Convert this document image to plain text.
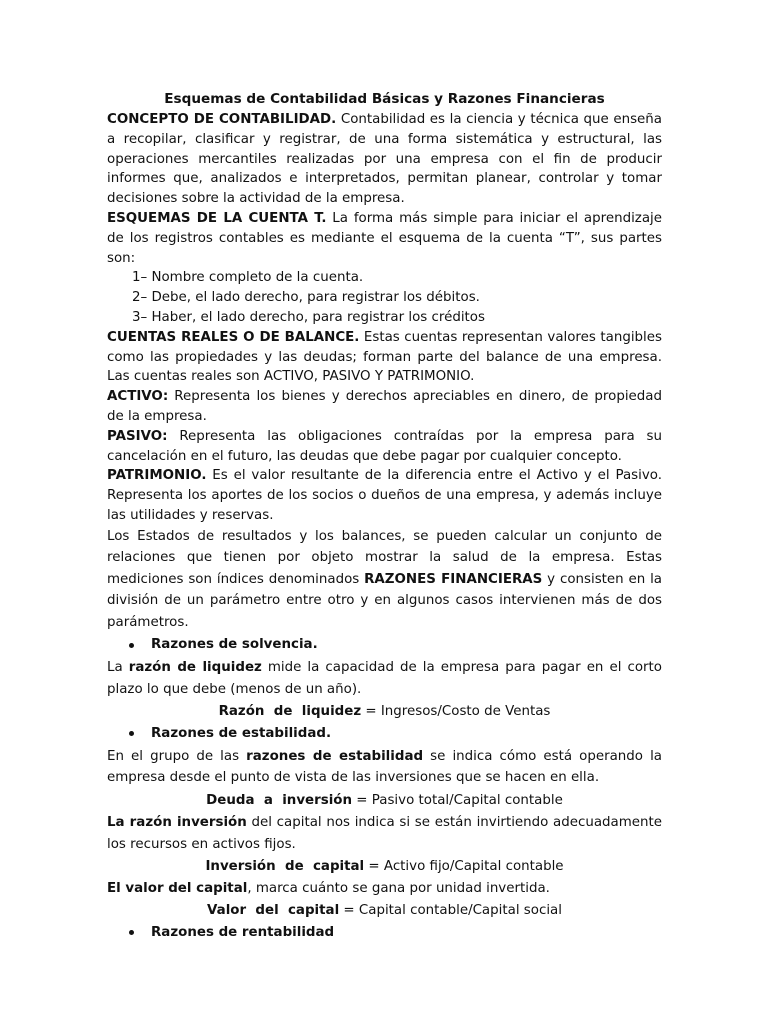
Esquemas de Contabilidad Básicas y Razones Financieras

CONCEPTO DE CONTABILIDAD. Contabilidad es la ciencia y técnica que enseña a recopilar, clasificar y registrar, de una forma sistemática y estructural, las operaciones mercantiles realizadas por una empresa con el fin de producir informes que, analizados e interpretados, permitan planear, controlar y tomar decisiones sobre la actividad de la empresa.

ESQUEMAS DE LA CUENTA T. La forma más simple para iniciar el aprendizaje de los registros contables es mediante el esquema de la cuenta “T”, sus partes son:

1– Nombre completo de la cuenta.
2– Debe, el lado derecho, para registrar los débitos.
3– Haber, el lado derecho, para registrar los créditos

CUENTAS REALES O DE BALANCE. Estas cuentas representan valores tangibles como las propiedades y las deudas; forman parte del balance de una empresa. Las cuentas reales son ACTIVO, PASIVO Y PATRIMONIO.

ACTIVO: Representa los bienes y derechos apreciables en dinero, de propiedad de la empresa.

PASIVO: Representa las obligaciones contraídas por la empresa para su cancelación en el futuro, las deudas que debe pagar por cualquier concepto.

PATRIMONIO. Es el valor resultante de la diferencia entre el Activo y el Pasivo. Representa los aportes de los socios o dueños de una empresa, y además incluye las utilidades y reservas.

Los Estados de resultados y los balances, se pueden calcular un conjunto de relaciones que tienen por objeto mostrar la salud de la empresa. Estas mediciones son índices denominados RAZONES FINANCIERAS y consisten en la división de un parámetro entre otro y en algunos casos intervienen más de dos parámetros.

Razones de solvencia.

La razón de liquidez mide la capacidad de la empresa para pagar en el corto plazo lo que debe (menos de un año).

Razón  de  liquidez = Ingresos/Costo de Ventas
Razones de estabilidad.

En el grupo de las razones de estabilidad se indica cómo está operando la empresa desde el punto de vista de las inversiones que se hacen en ella.

Deuda  a  inversión = Pasivo total/Capital contable

La razón inversión del capital nos indica si se están invirtiendo adecuadamente los recursos en activos fijos.

Inversión  de  capital = Activo fijo/Capital contable

El valor del capital, marca cuánto se gana por unidad invertida.

Valor  del  capital = Capital contable/Capital social
Razones de rentabilidad
